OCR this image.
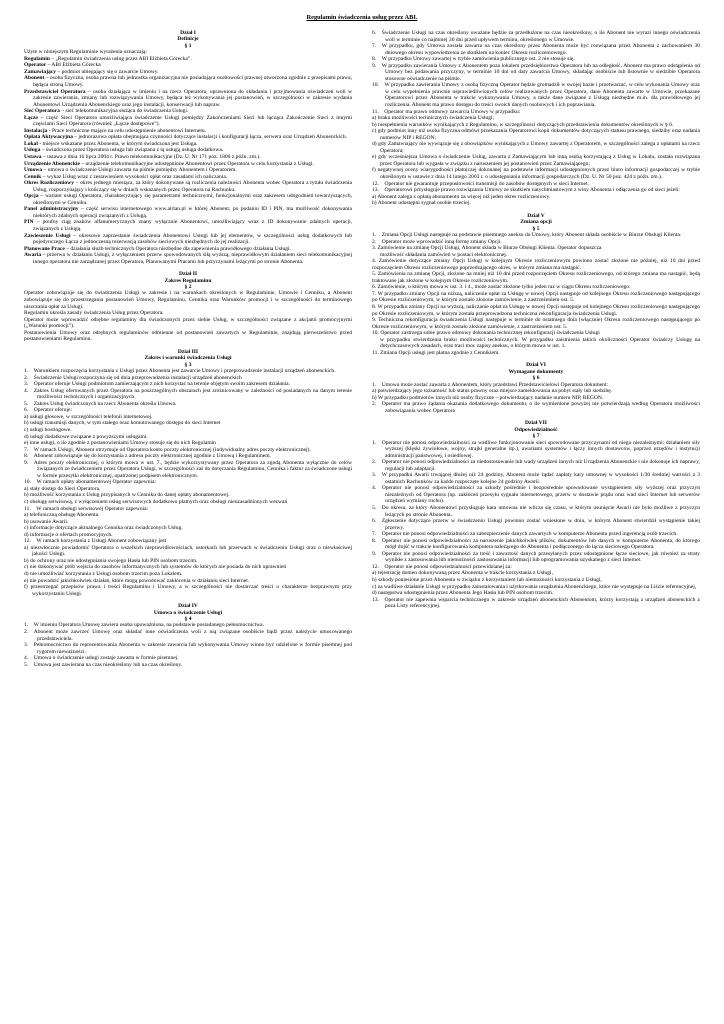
Regulamin świadczenia usług przez ABI.
Dział I
Definicje
§ 1
Użyte w niniejszym Regulaminie wyrażenia oznaczają:
Regulamin – „Regulamin świadczenia usług przez ABI Elżbieta Górecka”.
Operator – ABI Elżbieta Górecka
Zamawiający – podmiot ubiegający się o zawarcie Umowy.
Abonent – osoba fizyczna, osoba prawna lub jednostka organizacyjna nie posiadająca osobowości prawnej utworzona zgodnie z przepisami prawa, będąca stroną Umowy.
Przedstawiciel Operatora – osoba działająca w imieniu i na rzecz Operatora, uprawniona do składania i przyjmowania oświadczeń woli w zakresie zawierania, zmiany lub rozwiązywania Umowy, będąca też wykonywania jej postanowień, w szczególności w zakresie wydania Abonentowi Urządzenia Abonenckiego oraz jego instalacji, konserwacji lub napraw.
Sieć Operatora – sieć telekomunikacyjna służąca do świadczenia Usługi.
Łącze – część Sieci Operatora umożliwiająca świadczenie Usługi pomiędzy Zakończeniami Sieci lub łącząca Zakończenie Sieci z innymi częściami Sieci Operatora (również „Łącze dostępowe”).
Instalacja - Prace techniczne mające na celu udostępnienie abonentowi Internetu.
Opłata Aktywacyjna – jednorazowa opłata obejmująca czynności dotyczące instalacji i konfiguracji łącza, serwera oraz Urządzeń Abonenckich.
Lokal - miejsce wskazane przez Abonenta, w którym świadczona jest Usługa.
Usługa – świadczona przez Operatora usługa lub związana z tą usługą usługa dodatkowa.
Ustawa – ustawa z dnia 16 lipca 2004 r. Prawo telekomunikacyjne (Dz. U. Nr 171 poz. 1800 z późn. zm.).
Urządzenie Abonenckie – urządzenie telekomunikacyjne udostępnione Abonentowi przez Operatora w celu korzystania z Usługi.
Umowa – umowa o świadczenie Usługi zawarta na piśmie pomiędzy Abonentem i Operatorem.
Cennik – wykaz Usług wraz z zestawieniem wysokości opłat oraz zasadami ich naliczania.
Okres Rozliczeniowy – okres jednego miesiąca, za który dokonywane są rozliczenia należności Abonenta wobec Operatora z tytułu świadczenia Usług, rozpoczynający i kończący się w dniach wskazanych przez Operatora na Rachunku.
Opcja – wariant usługi Operatora, charakteryzujący się parametrami technicznymi, funkcjonalnymi oraz zakresem udogodnień towarzyszących, określonymi w Cenniku.
Panel administracyjny – część serwisu internetowego www.airlan.pl w której Abonent, po podaniu ID i PIN, ma możliwość dokonywania niektórych zdalnych operacji związanych z Usługą.
PIN – poufny ciąg znaków alfanumerycznych znany wyłącznie Abonentowi, umożliwiający wraz z ID dokonywanie zdalnych operacji, związanych z Usługą.
Zawieszenie Usługi – okresowe zaprzestanie świadczenia Abonentowi Usługi lub jej elementów, w szczególności usług dodatkowych lub pojedynczego Łącza z jednoczesną rezerwacją zasobów sieciowych niezbędnych do jej realizacji.
Planowane Prace – działania służb technicznych Operatora niezbędne dla zapewnienia prawidłowego działania Usługi.
Awaria – przerwa w działaniu Usługi, z wyłączeniem przerw spowodowanych siłą wyższą, nieprawidłowym działaniem sieci telekomunikacyjnej innego operatora nie zarządzanej przez Operatora, Planowanymi Pracami lub przyczynami leżącymi po stronie Abonenta.
Dział II
Zakres Regulaminu
§ 2
Operator zobowiązuje się do świadczenia Usługi w zakresie i na warunkach określonych w Regulaminie, Umowie i Cenniku, a Abonent zobowiązuje się do przestrzegania postanowień Umowy, Regulaminu, Cennika oraz Warunków promocji i w szczególności do terminowego uiszczania opłat za Usługi.
Regulamin określa zasady świadczenia Usług przez Operatora.
Operator może wprowadzić odrębne regulaminy dla świadczonych przez siebie Usług, w szczególności związane z akcjami promocyjnymi („Warunki promocji”).
Postanowienia Umowy oraz odrębnych regulaminów odmienne od postanowień zawartych w Regulaminie, znajdują pierwszeństwo przed postanowieniami Regulaminu.
Dział III
Zakres i warunki świadczenia Usługi
§ 3
1. Warunkiem rozpoczęcia korzystania z Usługi przez Abonenta jest zawarcie Umowy i przeprowadzenie instalacji urządzeń abonenckich.
2. Świadczenie Usługi rozpoczyna się od dnia przeprowadzenia instalacji urządzeń abonenckich
3. Operator oferuje Usługi podmiotom zamierzającym z nich korzystać na terenie objętym swoim zakresem działania.
4. Zakres Usług oferowanych przez Operatora na poszczególnych obszarach jest zróżnicowany w zależności od posiadanych na danym terenie możliwości technicznych i organizacyjnych.
5. Zakres Usług świadczonych na rzecz Abonenta określa Umowa.
6. Operator oferuje:
a) usługi głosowe, w szczególności telefonii internetowej.
b) usługi transmisji danych, w tym stałego oraz komutowanego dostępu do sieci Internet
c) usługi hostingowe.
d) usługi dodatkowe związane z powyższymi usługami.
e) inne usługi, o ile zgodnie z postanowieniami Umowy stosuje się do nich Regulamin
7. W ramach Usługi, Abonent otrzymuje od Operatora konto poczty elektronicznej (indywidualny adres poczty elektronicznej).
8. Abonent zobowiązuje się do korzystania z adresu poczty elektronicznej zgodnie z Umową i Regulaminem.
9. Adres poczty elektronicznej, o którym mowa w ust. 7., będzie wykorzystywany przez Operatora za zgodą Abonenta wyłącznie do celów związanych ze świadczeniem przez Operatora Usługi, w szczególności zaś do doręczania Regulaminu, Cennika i faktur za świadczone usługi w formie przesyłki elektronicznej, opatrzonej podpisem elektronicznym.
10. W ramach opłaty abonamentowej Operator zapewnia:
a) stały dostęp do Sieci Operatora.
b) możliwość korzystania z Usług przypisanych w Cenniku do danej opłaty abonamentowej.
c) obsługę serwisową, z wyłączeniem usług serwisowych dodatkowo płatnych oraz obsługi nieuzasadnionych wezwań
11. W ramach obsługi serwisowej Operator zapewnia:
a) telefoniczną obsługę Abonenta.
b) usuwanie Awarii.
c) informacje dotyczące aktualnego Cennika oraz świadczonych Usług.
d) informacje o ofertach promocyjnych.
12. W ramach korzystania z Usługi Abonent zobowiązany jest
a) niezwłocznie powiadomić Operatora o wszelkich nieprawidłowościach, usterkach lub przerwach w świadczeniu Usługi oraz o niewłaściwej jakości Usługi.
b) do ochrony oraz nie udostępniania swojego Hasła lub PIN osobom trzecim.
c) nie dokonywać prób wejścia do zasobów informatycznych lub systemów do których nie posiada do nich uprawnień
d) nie umożliwiać korzystania z Usługi osobom trzecim poza Lokalem.
e) nie powadzić jakichkolwiek działań, które mogą powodować zakłócenia w działaniu sieci Internet.
f) przestrzegać przepisów prawa i treści Regulaminu i Umowy, a w szczególności nie dostarczać treści o charakterze bezprawnym przy wykorzystaniu Usługi.
Dział IV
Umowa o świadczenie Usługi
§ 4
1. W imieniu Operatora Umowę zawiera osoba upoważniona, na podstawie posiadanego pełnomocnictwa.
2. Abonent może zawrzeć Umowę oraz składać inne oświadczenia woli z nią związane osobiście bądź przez należycie umocowanego przedstawiciela.
3. Pełnomocnictwo do reprezentowania Abonenta w zakresie zawarcia lub wykonywania Umowy winno być udzielone w formie pisemnej pod rygorem nieważności.
4. Umowa o świadczenie usługi zostaje zawarta w formie pisemnej.
5. Umowa jest zawierana na czas nieokreślony lub na czas określony.
6. Świadczenie Usługi na czas określony uważane będzie za przedłużone na czas nieokreślony, o ile Abonent nie wyrazi innego oświadczenia woli w terminie co najmniej 30 dni przed upływem terminu, określonego w Umowie.
7. W przypadku, gdy Umowa została zawarta na czas określony przez Abonenta może być rozwiązana przez Abonenta z zachowaniem 30 dniowego okresu wypowiedzenia ze skutkiem na koniec Okresu rozliczeniowego.
8. W przypadku Umowy zawartej w trybie zamówienia publicznego ust. 2 nie stosuje się.
9. W przypadku zawierania Umowy z Abonentem poza lokalem przedsiębiorstwa Operatora lub na odległość, Abonent ma prawo odstąpienia od Umowy bez podawania przyczyny, w terminie 10 dni od daty zawarcia Umowy, składając osobiście lub listownie w siedzibie Operatora stosowne oświadczenie na piśmie.
10. W przypadku zawierania Umowy z osobą fizyczną Operator będzie gromadził w swojej bazie i przetwarzać, w celu wykonania Umowy oraz w celu wypełnienia prawnie usprawiedliwionych celów realizowanych przez Operatora, dane Abonenta zawarte w Umowie, przekazane Operatorowi przez Abonenta w trakcie wykonywania Umowy, a także dane związane z Usługą niezbędne m.in. dla prawidłowego jej rozliczenia. Abonent ma prawo dostępu do treści swoich danych osobowych i ich poprawiania.
11. Operator ma prawo odmowy zawarcia Umowy w przypadku:
a) braku możliwości technicznych świadczenia Usługi;
b) niespełnienia warunków wynikających z Regulaminu, w szczególności dotyczących przedstawienia dokumentów określonych w § 6.
c) gdy podmiot inny niż osoba fizyczna odmówi przekazania Operatorowi kopii dokumentów dotyczących statusu prawnego, siedziby oraz nadania numerów NIP i REGON;
d) gdy Zamawiający nie wywiązuje się z obowiązków wynikających z Umowy zawartej z Operatorem, w szczególności zalega z opłatami na rzecz Operatora;
e) gdy wcześniejsza Umowa o świadczenie Usług, zawarta z Zamawiającym lub inną osobą korzystającą z Usług w Lokalu, została rozwiązana przez Operatora lub wygasła w związku z naruszeniem jej postanowień przez Zamawiającego;
f) negatywnej oceny wiarygodności płatniczej dokonanej na podstawie informacji udostępnionych przez biuro informacji gospodarczej w trybie określonym w ustawie z dnia 14 lutego 2003 r. o udostępnianiu informacji gospodarczych (Dz. U. Nr 50 poz. 424 z późn. zm.).
12. Operator nie gwarantuje przepustowości transmisji do zasobów dostępnych w sieci Internet.
13. Operatorowi przysługuje prawo rozwiązania Umowy ze skutkiem natychmiastowym z winy Abonenta i odłączenia go od sieci jeżeli:
a) Abonent zalega z opłatą abonamentu za więcej niż jeden okres rozliczeniowy.
b) Abonent udostępni sygnał osobie trzeciej.
Dział V
Zmiana opcji
§ 5
1. Zmiana Opcji Usługi następuje na podstawie pisemnego aneksu do Umowy, który Abonent składa osobiście w Biurze Obsługi Klienta.
2. Operator może wprowadzić inną formę zmiany Opcji.
3. Zamówienie na zmianę Opcji Usługi, Abonent składa w Biurze Obsługi Klienta. Operator dopuszcza
możliwość składania zamówień w postaci elektronicznej.
4. Zamówienie dotyczące zmiany Opcji Usługi w kolejnym Okresie rozliczeniowym powinno zostać złożone nie później, niż 10 dni przed rozpoczęciem Okresu rozliczeniowego poprzedzającego okres, w którym zmiana ma nastąpić.
5. Zamówienia na zmianę Opcji, złożone na mniej niż 10 dni przed rozpoczęciem Okresu rozliczeniowego, od którego zmiana ma nastąpić, będą traktowane jak złożone w kolejnym Okresie rozliczeniowym.
6. Zamówienie, o którym mowa w ust. 3. i 4., może zostać złożone tylko jeden raz w ciągu Okresu rozliczeniowego.
7. W przypadku zmiany Opcji na niższą, naliczenie opłat za Usługę w nowej Opcji następuje od kolejnego Okresu rozliczeniowego następującego po Okresie rozliczeniowym, w którym zostało złożone zamówienie, z zastrzeżeniem ust. 5.
8. W przypadku zmiany Opcji na wyższą, naliczanie opłat za Usługę w nowej Opcji następuje od kolejnego Okresu rozliczeniowego następującego po Okresie rozliczeniowym, w którym została przeprowadzona techniczna rekonfiguracja świadczenia Usługi.
9. Techniczna rekonfiguracja świadczenia Usługi następuje w terminie do ostatniego dnia (włącznie) Okresu rozliczeniowego następującego po Okresie rozliczeniowym, w którym zostało złożone zamówienie, z zastrzeżeniem ust. 5.
10. Operator zastrzega sobie prawo odmowy dokonania technicznej rekonfiguracji świadczenia Usługi
w przypadku stwierdzenia braku możliwości technicznych. W przypadku zaistnienia takich okoliczności Operator świadczy Usługę na dotychczasowych zasadach, oraz traci moc zapisy aneksu, o którym mowa w ust. 1.
11. Zmiana Opcji usługi jest płatna zgodnie z Cennikiem.
Dział VI
Wymagane dokumenty
§ 6
1. Umowa może zostać zawarta z Abonentem, który przedstawi Przedstawicielowi Operatora dokument:
a) potwierdzający jego tożsamość lub status prawny oraz miejsce zameldowania na pobyt stały lub siedzibę.
b) W przypadku podmiotów innych niż osoby fizyczne – potwierdzający nadanie numeru NIP, REGON.
2. Operator ma prawo żądania okazania dodatkowego dokumentu, o ile wymienione powyżej nie potwierdzają według Operatora możliwości zobowiązania wobec Operatora
Dział VII
Odpowiedzialność
§ 7
1. Operator nie ponosi odpowiedzialności za wadliwe funkcjonowanie sieci spowodowane przyczynami od niego niezależnymi: działaniem siły wyższej (klęski żywiołowe, wojny, strajki generalne itp.), awariami systemów i łączy innych dostawców, poprzez urzędów i instytucji administracji państwowej, i osiedlowej.
2. Operator nie ponosi odpowiedzialności za niedostosowanie lub wady urządzeń innych niż Urządzenia Abonenckie i nie dokonuje ich naprawy, regulacji lub adaptacji.
3. W przypadku Awarii trwającej dłużej niż 24 godziny, Abonent może żądać zapłaty kary umownej w wysokości 1/30 średniej wartości z 3 ostatnich Rachunków za każde rozpoczęte kolejne 24 godziny Awarii.
4. Operator nie ponosi odpowiedzialności za szkody pośrednie i bezpośrednie spowodowane wystąpieniem siły wyższej oraz przyczyn niezależnych od Operatora (np. zakłóceń przesyłu sygnału internetowego, przerw w dostawie prądu oraz wad sieci Internet lub serwerów urządzeń wymiany ruchu).
5. Do okresu, za który Abonentowi przysługuje kara umowna nie wlicza się czasu, w którym usunięcie Awarii nie było możliwe z przyczyn leżących po stronie Abonenta..
6. Zgłoszenie dotyczące przerw w świadczeniu Usługi powinno zostać wniesione w dniu, w którym Abonent stwierdził wystąpienie takiej przerwy.
7. Operator nie ponosi odpowiedzialności za zabezpieczenie danych zawartych w komputerze Abonenta przed ingerencją osób trzecich.
8. Operator nie ponosi odpowiedzialności za naruszenie jakichkolwiek plików, dokumentów lub danych w komputerze Abonenta, do którego mógł dojść w trakcie konfigurowania komputera należącego do Abonenta i podłączonego do łącza sieciowego Operatora.
9. Operator nie ponosi odpowiedzialności za treść i zawartość danych przesyłanych przez udostępnione łącze sieciowe, jak również za straty wynikłe z zastosowania lub niemożności zastosowania informacji lub oprogramowania uzyskanego z sieci Internet.
12. Operator nie ponosi odpowiedzialności przewidzianej za:
a) rejestrację domen dokonywaną przez Abonenta w trakcie korzystania z Usługi,
b) szkody poniesione przez Abonenta w związku z korzystaniem lub niemożności korzystania z Usługi,
c) za wadliwe działanie Usługi w przypadku zainstalowania i użytkowania urządzenia Abonenckiego, które nie występuje na Liście referencyjnej,
d) następstwa udostępnienia przez Abonenta Jego Hasła lub PIN osobom trzecim.
13. Operator nie zapewnia wsparcia technicznego w zakresie urządzeń abonenckich Abonentom, którzy korzystają z urządzeń abonenckich z poza Listy referencyjnej.
